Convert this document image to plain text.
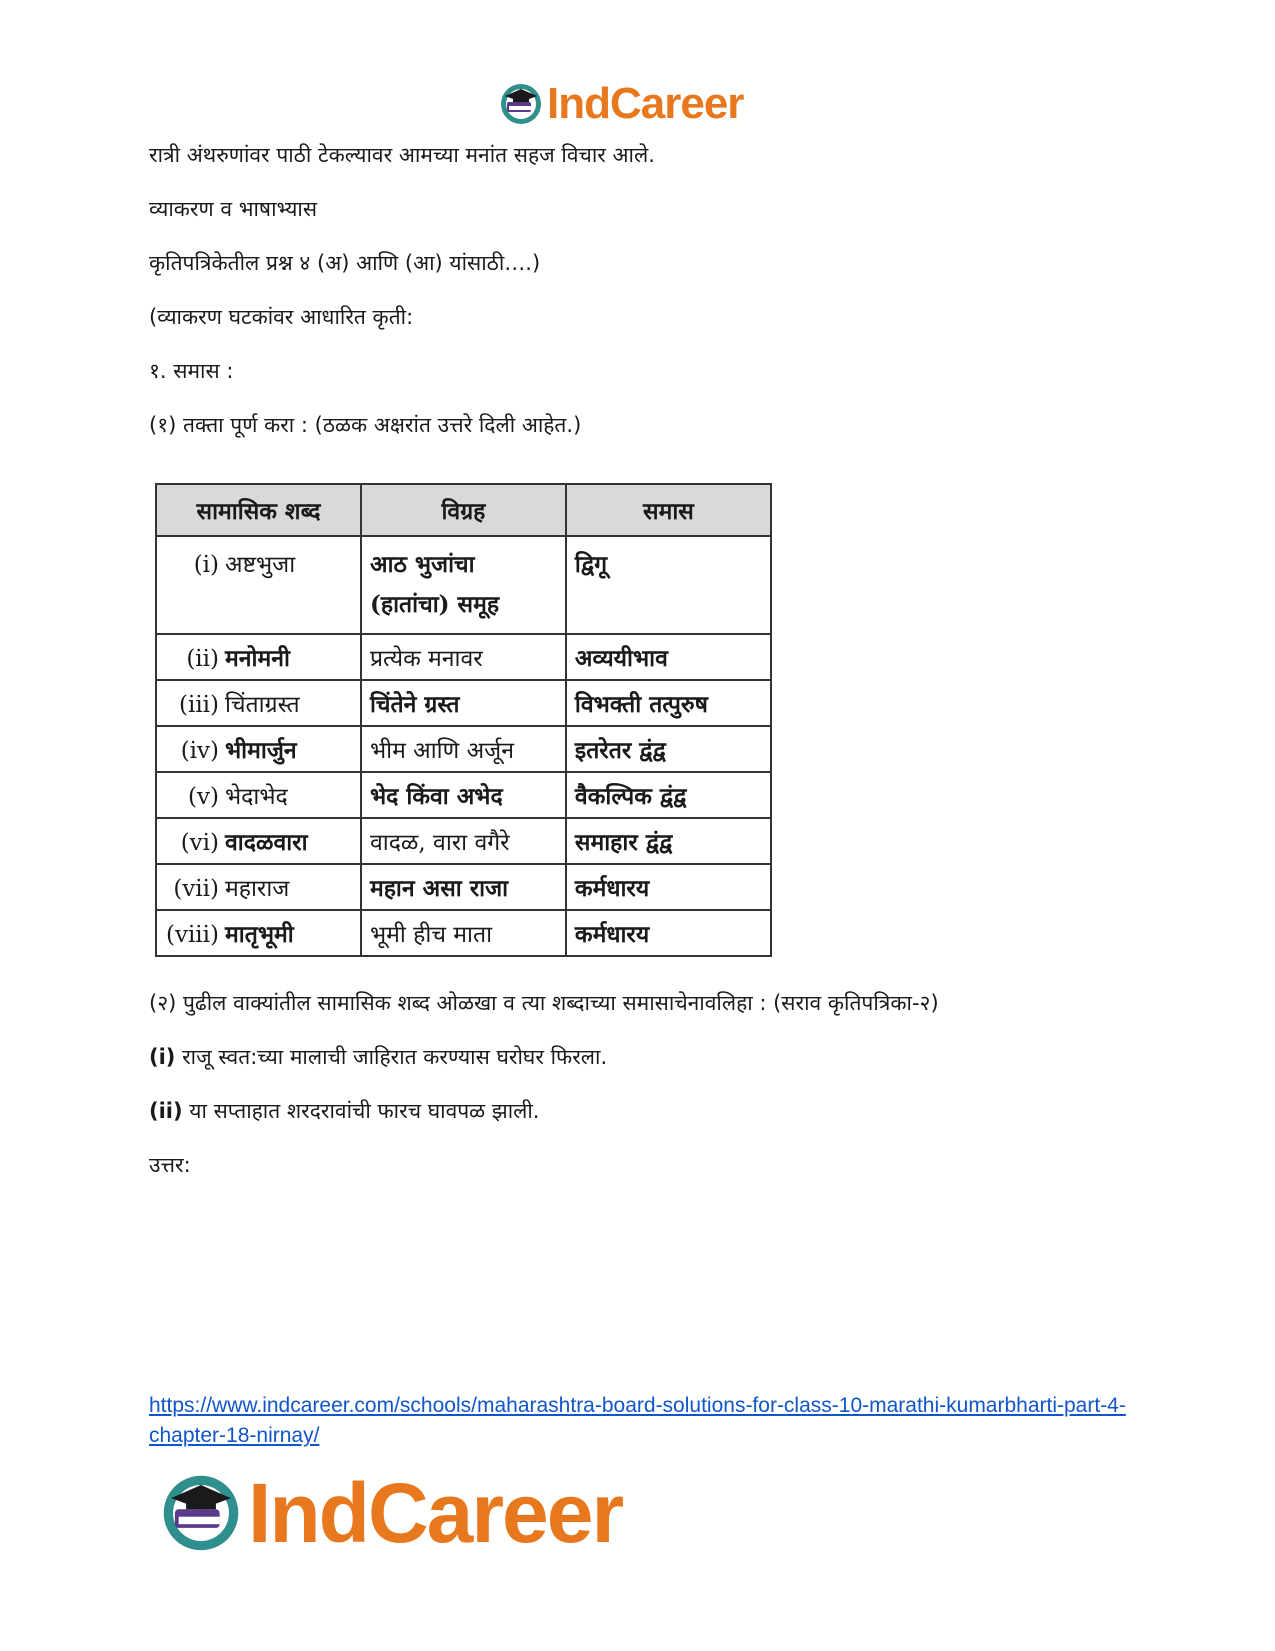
IndCareer
रात्री अंथरुणांवर पाठी टेकल्यावर आमच्या मनांत सहज विचार आले.
व्याकरण व भाषाभ्यास
कृतिपत्रिकेतील प्रश्न ४ (अ) आणि (आ) यांसाठी….)
(व्याकरण घटकांवर आधारित कृती:
१. समास :
(१) तक्ता पूर्ण करा : (ठळक अक्षरांत उत्तरे दिली आहेत.)
सामासिक शब्द	विग्रह	समास
(i) अष्टभुजा	आठ भुजांचा (हातांचा) समूह	द्विगू
(ii) मनोमनी	प्रत्येक मनावर	अव्ययीभाव
(iii) चिंताग्रस्त	चिंतेने ग्रस्त	विभक्ती तत्पुरुष
(iv) भीमार्जुन	भीम आणि अर्जून	इतरेतर द्वंद्व
(v) भेदाभेद	भेद किंवा अभेद	वैकल्पिक द्वंद्व
(vi) वादळवारा	वादळ, वारा वगैरे	समाहार द्वंद्व
(vii) महाराज	महान असा राजा	कर्मधारय
(viii) मातृभूमी	भूमी हीच माता	कर्मधारय
(२) पुढील वाक्यांतील सामासिक शब्द ओळखा व त्या शब्दाच्या समासाचेनावलिहा : (सराव कृतिपत्रिका-२)
(i) राजू स्वत:च्या मालाची जाहिरात करण्यास घरोघर फिरला.
(ii) या सप्ताहात शरदरावांची फारच घावपळ झाली.
उत्तर:
https://www.indcareer.com/schools/maharashtra-board-solutions-for-class-10-marathi-kumarbharti-part-4-chapter-18-nirnay/
IndCareer
